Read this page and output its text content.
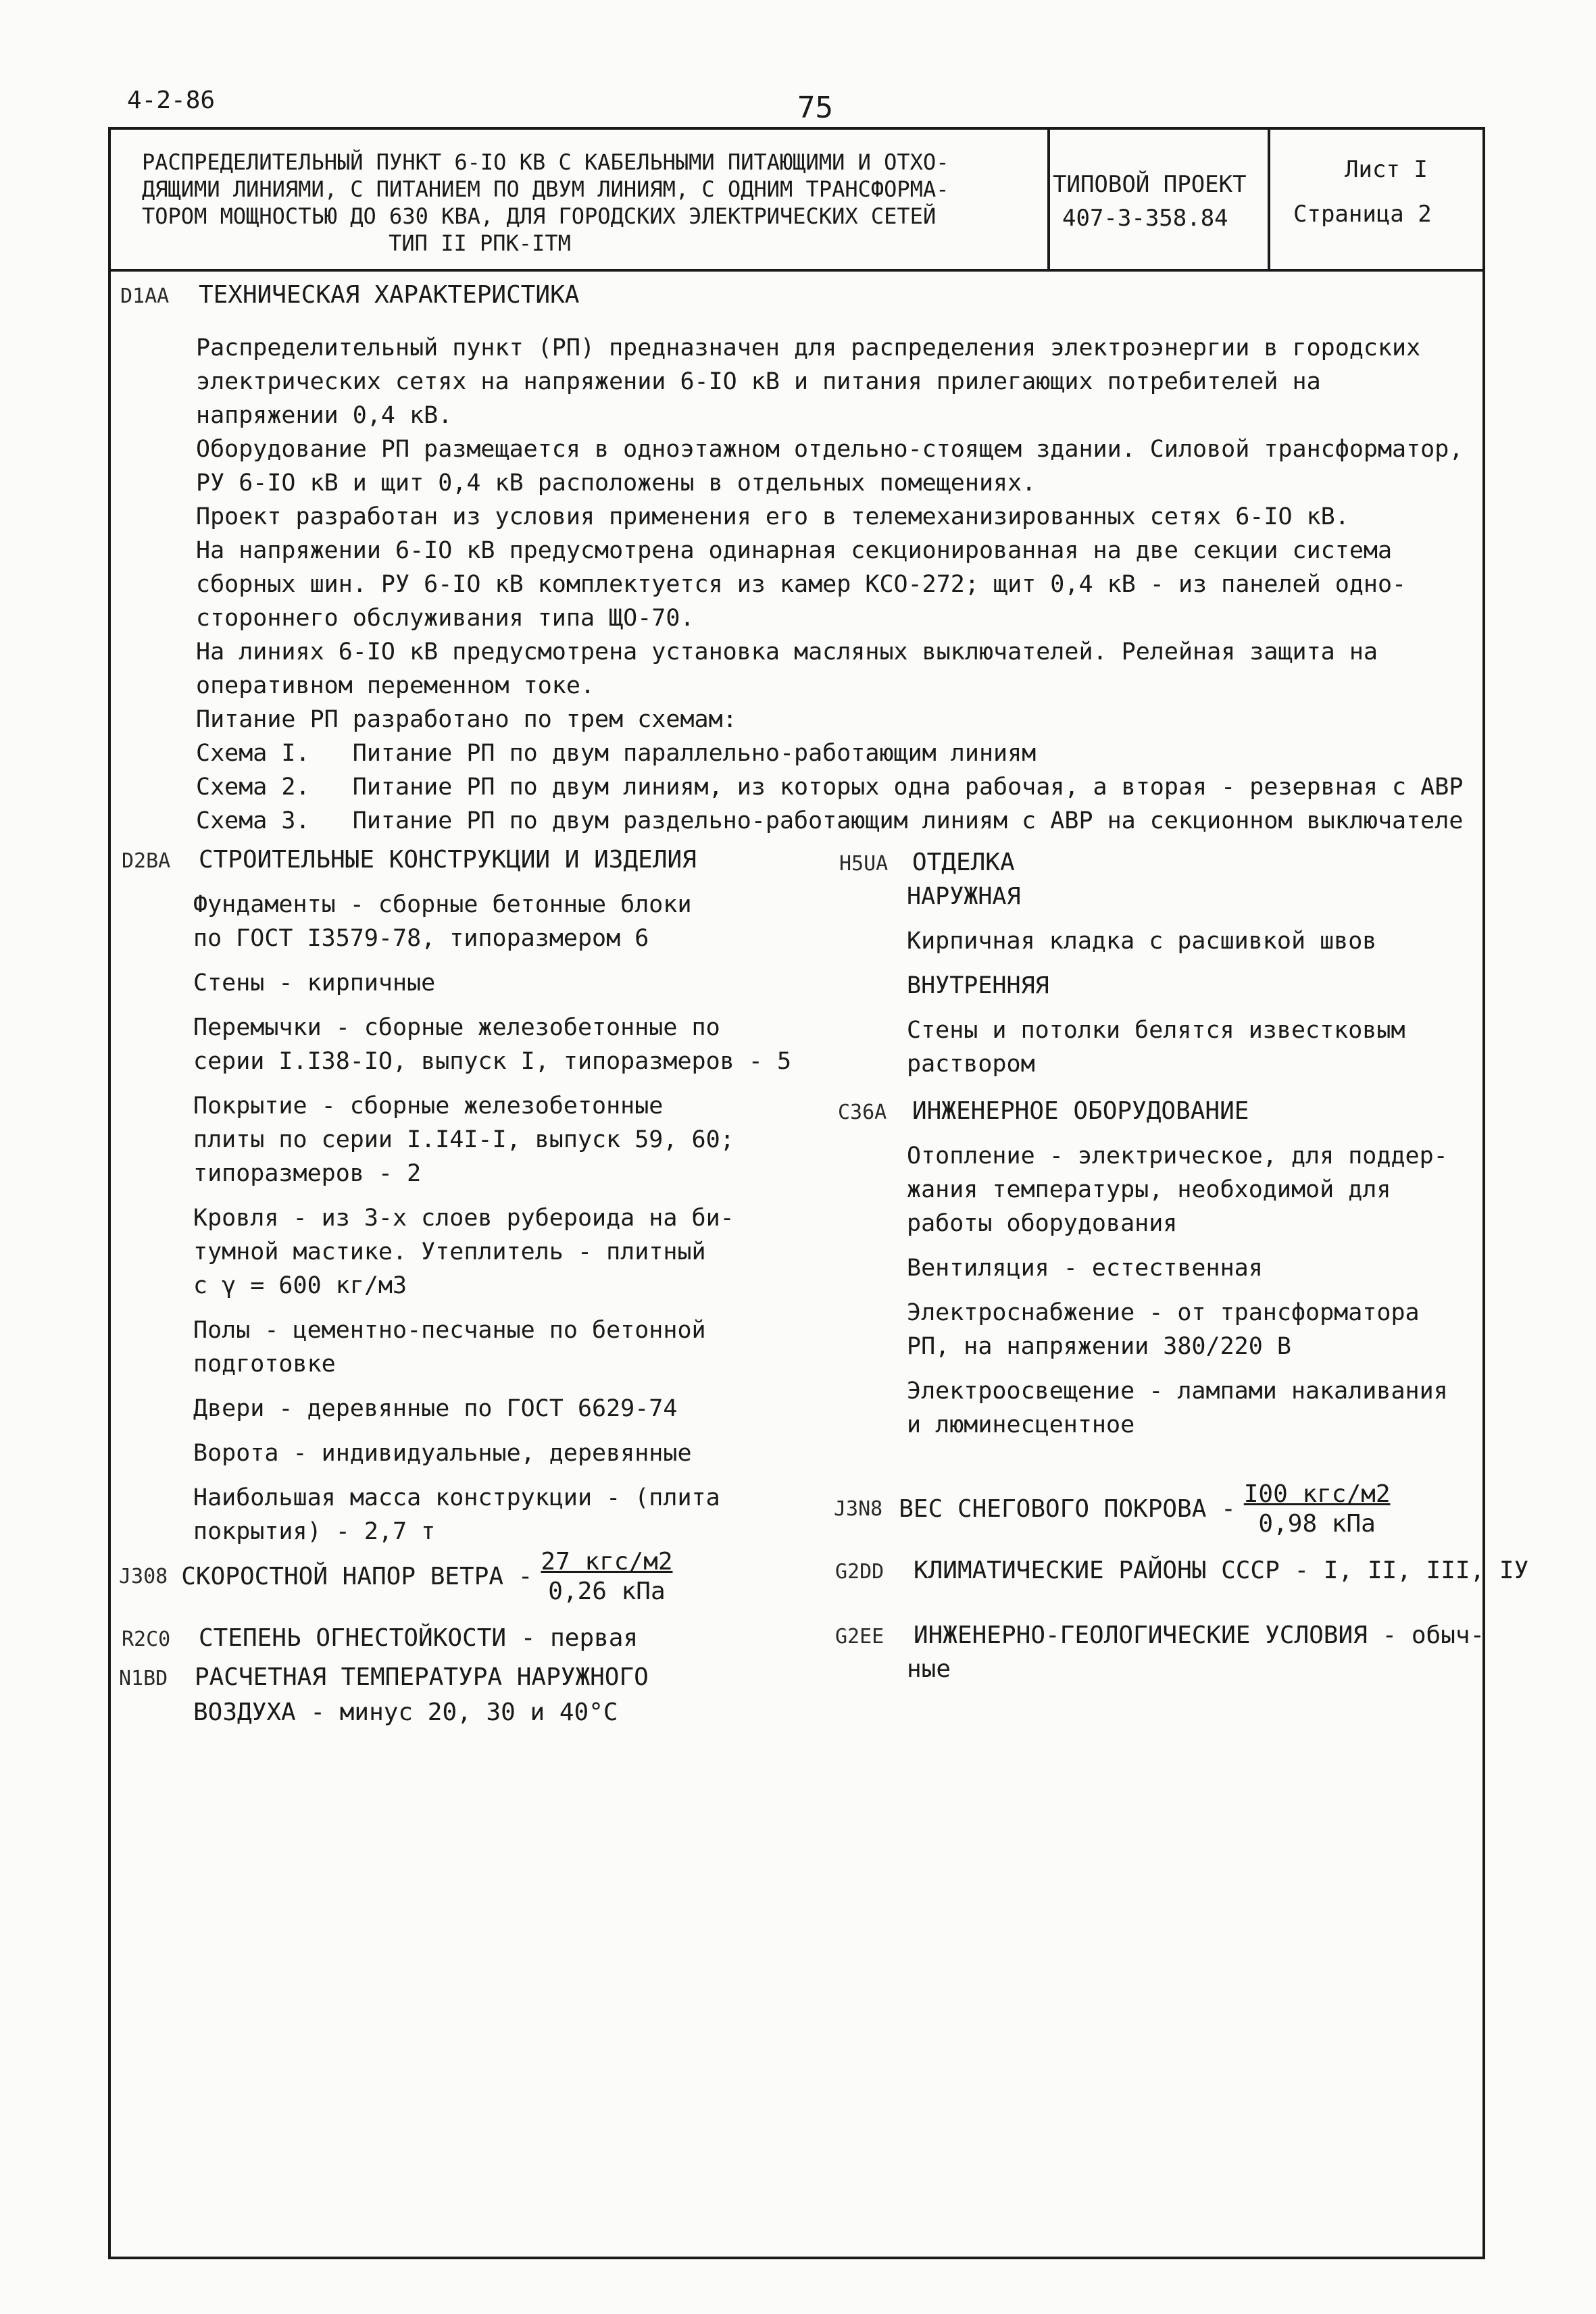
4-2-86	75
РАСПРЕДЕЛИТЕЛЬНЫЙ ПУНКТ 6-IO КВ С КАБЕЛЬНЫМИ ПИТАЮЩИМИ И ОТХО-
ДЯЩИМИ ЛИНИЯМИ, С ПИТАНИЕМ ПО ДВУМ ЛИНИЯМ, С ОДНИМ ТРАНСФОРМА-
ТОРОМ МОЩНОСТЬЮ ДО 630 КВА, ДЛЯ ГОРОДСКИХ ЭЛЕКТРИЧЕСКИХ СЕТЕЙ
ТИП II РПК-IТМ
ТИПОВОЙ ПРОЕКТ
407-3-358.84
Лист I
Страница 2
D1AA ТЕХНИЧЕСКАЯ ХАРАКТЕРИСТИКА
Распределительный пункт (РП) предназначен для распределения электроэнергии в городских
электрических сетях на напряжении 6-IO кВ и питания прилегающих потребителей на
напряжении 0,4 кВ.
Оборудование РП размещается в одноэтажном отдельно-стоящем здании. Силовой трансформатор,
РУ 6-IO кВ и щит 0,4 кВ расположены в отдельных помещениях.
Проект разработан из условия применения его в телемеханизированных сетях 6-IO кВ.
На напряжении 6-IO кВ предусмотрена одинарная секционированная на две секции система
сборных шин. РУ 6-IO кВ комплектуется из камер КСО-272; щит 0,4 кВ - из панелей одно-
стороннего обслуживания типа ЩО-70.
На линиях 6-IO кВ предусмотрена установка масляных выключателей. Релейная защита на
оперативном переменном токе.
Питание РП разработано по трем схемам:
Схема I.   Питание РП по двум параллельно-работающим линиям
Схема 2.   Питание РП по двум линиям, из которых одна рабочая, а вторая - резервная с АВР
Схема 3.   Питание РП по двум раздельно-работающим линиям с АВР на секционном выключателе
D2BA СТРОИТЕЛЬНЫЕ КОНСТРУКЦИИ И ИЗДЕЛИЯ
Фундаменты - сборные бетонные блоки
по ГОСТ I3579-78, типоразмером 6
Стены - кирпичные
Перемычки - сборные железобетонные по
серии I.I38-IO, выпуск I, типоразмеров - 5
Покрытие - сборные железобетонные
плиты по серии I.I4I-I, выпуск 59, 60;
типоразмеров - 2
Кровля - из 3-х слоев рубероида на би-
тумной мастике. Утеплитель - плитный
с γ = 600 кг/м3
Полы - цементно-песчаные по бетонной
подготовке
Двери - деревянные по ГОСТ 6629-74
Ворота - индивидуальные, деревянные
Наибольшая масса конструкции - (плита
покрытия) - 2,7 т
J308 СКОРОСТНОЙ НАПОР ВЕТРА - $\frac{\text{27 кгс/м2}}{\text{0,26 кПа}}$
R2C0 СТЕПЕНЬ ОГНЕСТОЙКОСТИ - первая
N1BD РАСЧЕТНАЯ ТЕМПЕРАТУРА НАРУЖНОГО
ВОЗДУХА - минус 20, 30 и 40°С
H5UA ОТДЕЛКА
НАРУЖНАЯ
Кирпичная кладка с расшивкой швов
ВНУТРЕННЯЯ
Стены и потолки белятся известковым
раствором
C36A ИНЖЕНЕРНОЕ ОБОРУДОВАНИЕ
Отопление - электрическое, для поддер-
жания температуры, необходимой для
работы оборудования
Вентиляция - естественная
Электроснабжение - от трансформатора
РП, на напряжении 380/220 В
Электроосвещение - лампами накаливания
и люминесцентное
J3N8 ВЕС СНЕГОВОГО ПОКРОВА - $\frac{\text{I00 кгс/м2}}{\text{0,98 кПа}}$
G2DD КЛИМАТИЧЕСКИЕ РАЙОНЫ СССР - I, II, III, IУ
G2EE ИНЖЕНЕРНО-ГЕОЛОГИЧЕСКИЕ УСЛОВИЯ - обыч-
ные
